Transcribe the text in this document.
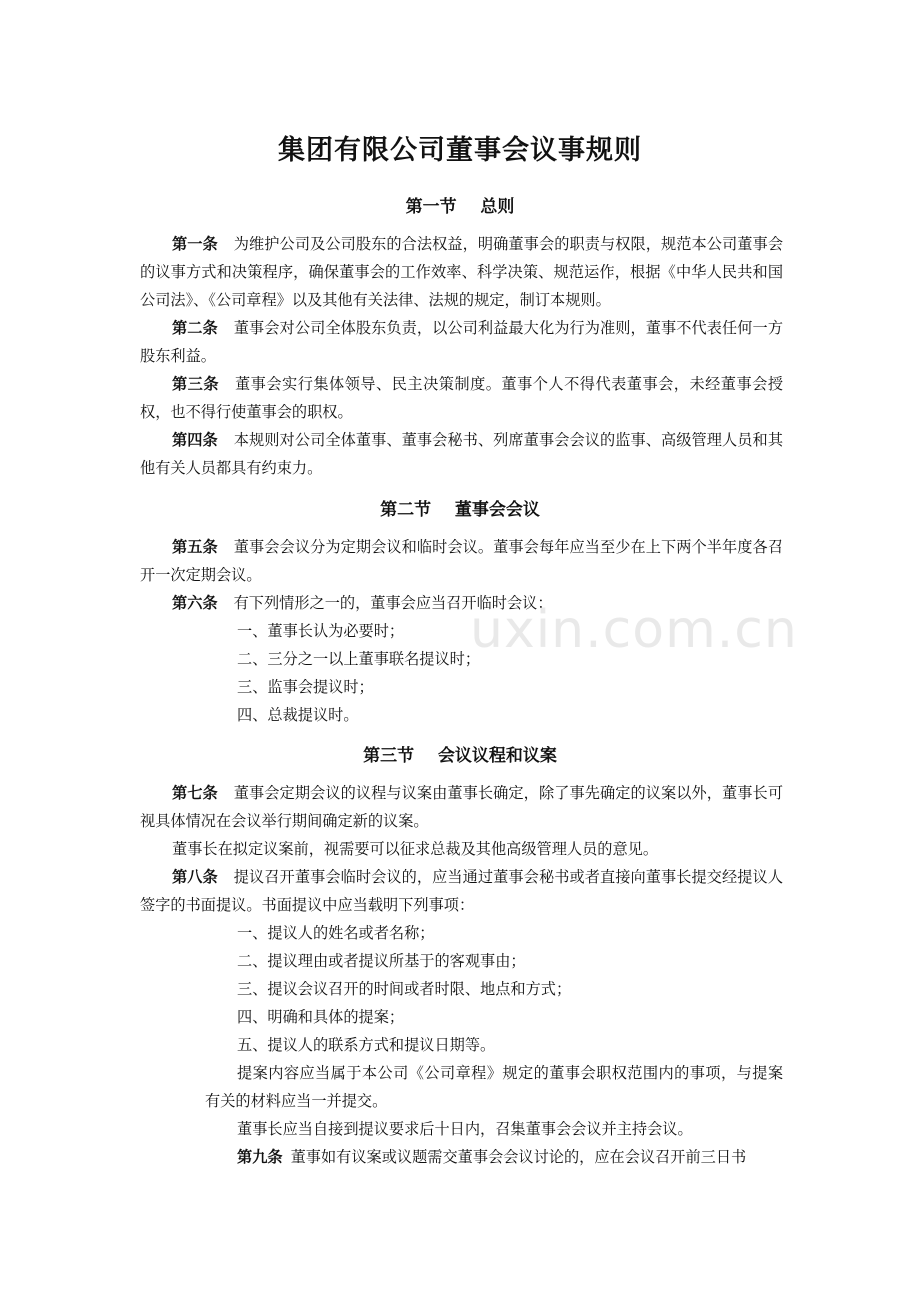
uxin.com.cn
集团有限公司董事会议事规则
第一节    总则

第一条 为维护公司及公司股东的合法权益，明确董事会的职责与权限，规范本公司董事会的议事方式和决策程序，确保董事会的工作效率、科学决策、规范运作，根据《中华人民共和国公司法》、《公司章程》以及其他有关法律、法规的规定，制订本规则。

第二条 董事会对公司全体股东负责，以公司利益最大化为行为准则，董事不代表任何一方股东利益。

第三条 董事会实行集体领导、民主决策制度。董事个人不得代表董事会，未经董事会授权，也不得行使董事会的职权。

第四条 本规则对公司全体董事、董事会秘书、列席董事会会议的监事、高级管理人员和其他有关人员都具有约束力。

第二节    董事会会议

第五条 董事会会议分为定期会议和临时会议。董事会每年应当至少在上下两个半年度各召开一次定期会议。

第六条 有下列情形之一的，董事会应当召开临时会议：

一、董事长认为必要时；

二、三分之一以上董事联名提议时；

三、监事会提议时；

四、总裁提议时。

第三节    会议议程和议案

第七条 董事会定期会议的议程与议案由董事长确定，除了事先确定的议案以外，董事长可视具体情况在会议举行期间确定新的议案。

董事长在拟定议案前，视需要可以征求总裁及其他高级管理人员的意见。

第八条 提议召开董事会临时会议的，应当通过董事会秘书或者直接向董事长提交经提议人签字的书面提议。书面提议中应当载明下列事项：

一、提议人的姓名或者名称；

二、提议理由或者提议所基于的客观事由；

三、提议会议召开的时间或者时限、地点和方式；

四、明确和具体的提案；

五、提议人的联系方式和提议日期等。

提案内容应当属于本公司《公司章程》规定的董事会职权范围内的事项，与提案有关的材料应当一并提交。

董事长应当自接到提议要求后十日内，召集董事会会议并主持会议。

第九条 董事如有议案或议题需交董事会会议讨论的，应在会议召开前三日书
